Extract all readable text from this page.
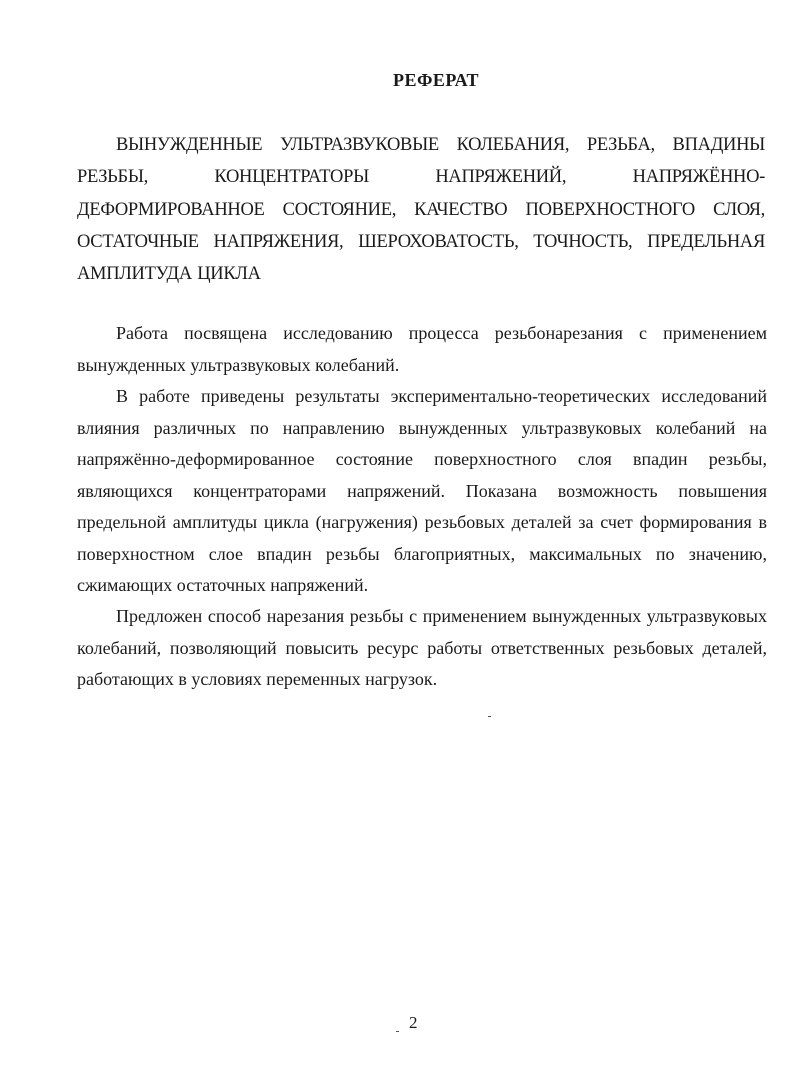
РЕФЕРАТ
ВЫНУЖДЕННЫЕ УЛЬТРАЗВУКОВЫЕ КОЛЕБАНИЯ, РЕЗЬБА, ВПАДИНЫ РЕЗЬБЫ, КОНЦЕНТРАТОРЫ НАПРЯЖЕНИЙ, НАПРЯЖЁННО-ДЕФОРМИРОВАННОЕ СОСТОЯНИЕ, КАЧЕСТВО ПОВЕРХНОСТНОГО СЛОЯ, ОСТАТОЧНЫЕ НАПРЯЖЕНИЯ, ШЕРОХОВАТОСТЬ, ТОЧНОСТЬ, ПРЕДЕЛЬНАЯ АМПЛИТУДА ЦИКЛА

Работа посвящена исследованию процесса резьбонарезания с применением вынужденных ультразвуковых колебаний.

В работе приведены результаты экспериментально-теоретических исследований влияния различных по направлению вынужденных ультразвуковых колебаний на напряжённо-деформированное состояние поверхностного слоя впадин резьбы, являющихся концентраторами напряжений. Показана возможность повышения предельной амплитуды цикла (нагружения) резьбовых деталей за счет формирования в поверхностном слое впадин резьбы благоприятных, максимальных по значению, сжимающих остаточных напряжений.

Предложен способ нарезания резьбы с применением вынужденных ультразвуковых колебаний, позволяющий повысить ресурс работы ответственных резьбовых деталей, работающих в условиях переменных нагрузок.

2
